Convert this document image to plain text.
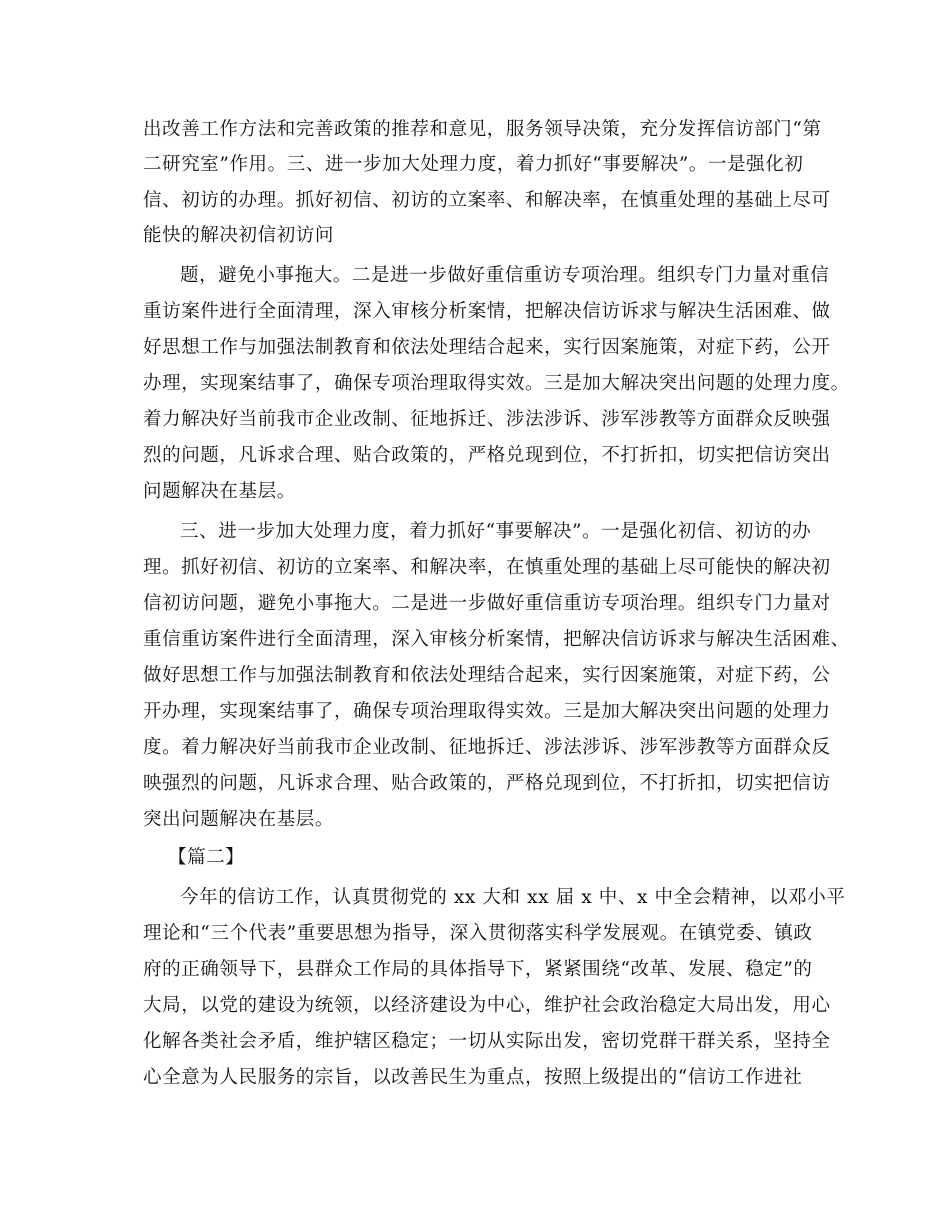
出改善工作方法和完善政策的推荐和意见，服务领导决策，充分发挥信访部门“第
二研究室”作用。三、进一步加大处理力度，着力抓好“事要解决”。一是强化初
信、初访的办理。抓好初信、初访的立案率、和解决率，在慎重处理的基础上尽可
能快的解决初信初访问
题，避免小事拖大。二是进一步做好重信重访专项治理。组织专门力量对重信
重访案件进行全面清理，深入审核分析案情，把解决信访诉求与解决生活困难、做
好思想工作与加强法制教育和依法处理结合起来，实行因案施策，对症下药，公开
办理，实现案结事了，确保专项治理取得实效。三是加大解决突出问题的处理力度。
着力解决好当前我市企业改制、征地拆迁、涉法涉诉、涉军涉教等方面群众反映强
烈的问题，凡诉求合理、贴合政策的，严格兑现到位，不打折扣，切实把信访突出
问题解决在基层。
三、进一步加大处理力度，着力抓好“事要解决”。一是强化初信、初访的办
理。抓好初信、初访的立案率、和解决率，在慎重处理的基础上尽可能快的解决初
信初访问题，避免小事拖大。二是进一步做好重信重访专项治理。组织专门力量对
重信重访案件进行全面清理，深入审核分析案情，把解决信访诉求与解决生活困难、
做好思想工作与加强法制教育和依法处理结合起来，实行因案施策，对症下药，公
开办理，实现案结事了，确保专项治理取得实效。三是加大解决突出问题的处理力
度。着力解决好当前我市企业改制、征地拆迁、涉法涉诉、涉军涉教等方面群众反
映强烈的问题，凡诉求合理、贴合政策的，严格兑现到位，不打折扣，切实把信访
突出问题解决在基层。
【篇二】
今年的信访工作，认真贯彻党的 xx 大和 xx 届 x 中、x 中全会精神，以邓小平
理论和“三个代表”重要思想为指导，深入贯彻落实科学发展观。在镇党委、镇政
府的正确领导下，县群众工作局的具体指导下，紧紧围绕“改革、发展、稳定”的
大局，以党的建设为统领，以经济建设为中心，维护社会政治稳定大局出发，用心
化解各类社会矛盾，维护辖区稳定；一切从实际出发，密切党群干群关系，坚持全
心全意为人民服务的宗旨，以改善民生为重点，按照上级提出的“信访工作进社
